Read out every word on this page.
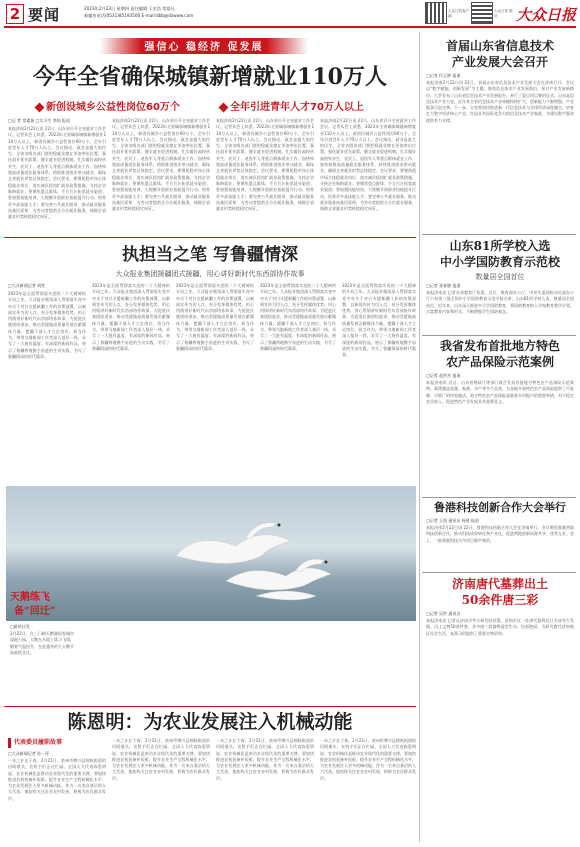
2 要闻	2023年2月23日 星期四 责任编辑 王宏浩 常晨凡
新编室电话(0531)85193500 E-mail:dbb@dzwww.com
大众日报客户端
大众日报 微信	大众日报
强信心 稳经济 促发展
今年全省确保城镇新增就业110万人
新创设城乡公益性岗位60万个	全年引进青年人才70万人以上
□记 者 常素娟 □实习生 李灿 报道
本报济南2月22日讯 22日，山东省召开全省就业工作会议。记者从会上获悉，2023年全省确保城镇新增就业110万人以上，新创设城乡公益性岗位60万个，全年引进青年人才70万人以上。会议指出，就业是最大的民生，全省各级各部门要把稳就业摆在更加突出位置，强化就业优先政策，健全就业促进机制，扎实做好高校毕业生、农民工、退役军人等重点群体就业工作，加快构建高质量就业服务体系，持续推进创业带动就业，确保全省就业形势总体稳定。会议要求，要聚焦稳市场主体稳就业岗位，落实减负稳岗扩就业政策措施，支持企业吸纳就业；要聚焦重点群体，千方百计拓宽就业渠道；要加强技能培训，大规模开展职业技能提升行动，培养更多高技能人才；要完善公共就业服务，推动就业服务向基层延伸，为劳动者提供全方位就业服务，保障全省就业形势持续稳定向好。
本报济南2月22日讯 22日，山东省召开全省就业工作会议。记者从会上获悉，2023年全省确保城镇新增就业110万人以上，新创设城乡公益性岗位60万个，全年引进青年人才70万人以上。会议指出，就业是最大的民生，全省各级各部门要把稳就业摆在更加突出位置，强化就业优先政策，健全就业促进机制，扎实做好高校毕业生、农民工、退役军人等重点群体就业工作，加快构建高质量就业服务体系，持续推进创业带动就业，确保全省就业形势总体稳定。会议要求，要聚焦稳市场主体稳就业岗位，落实减负稳岗扩就业政策措施，支持企业吸纳就业；要聚焦重点群体，千方百计拓宽就业渠道；要加强技能培训，大规模开展职业技能提升行动，培养更多高技能人才；要完善公共就业服务，推动就业服务向基层延伸，为劳动者提供全方位就业服务，保障全省就业形势持续稳定向好。
本报济南2月22日讯 22日，山东省召开全省就业工作会议。记者从会上获悉，2023年全省确保城镇新增就业110万人以上，新创设城乡公益性岗位60万个，全年引进青年人才70万人以上。会议指出，就业是最大的民生，全省各级各部门要把稳就业摆在更加突出位置，强化就业优先政策，健全就业促进机制，扎实做好高校毕业生、农民工、退役军人等重点群体就业工作，加快构建高质量就业服务体系，持续推进创业带动就业，确保全省就业形势总体稳定。会议要求，要聚焦稳市场主体稳就业岗位，落实减负稳岗扩就业政策措施，支持企业吸纳就业；要聚焦重点群体，千方百计拓宽就业渠道；要加强技能培训，大规模开展职业技能提升行动，培养更多高技能人才；要完善公共就业服务，推动就业服务向基层延伸，为劳动者提供全方位就业服务，保障全省就业形势持续稳定向好。
本报济南2月22日讯 22日，山东省召开全省就业工作会议。记者从会上获悉，2023年全省确保城镇新增就业110万人以上，新创设城乡公益性岗位60万个，全年引进青年人才70万人以上。会议指出，就业是最大的民生，全省各级各部门要把稳就业摆在更加突出位置，强化就业优先政策，健全就业促进机制，扎实做好高校毕业生、农民工、退役军人等重点群体就业工作，加快构建高质量就业服务体系，持续推进创业带动就业，确保全省就业形势总体稳定。会议要求，要聚焦稳市场主体稳就业岗位，落实减负稳岗扩就业政策措施，支持企业吸纳就业；要聚焦重点群体，千方百计拓宽就业渠道；要加强技能培训，大规模开展职业技能提升行动，培养更多高技能人才；要完善公共就业服务，推动就业服务向基层延伸，为劳动者提供全方位就业服务，保障全省就业形势持续稳定向好。
首届山东省信息技术
产业发展大会召开
□记者 付玉婷 报道
本报济南2月22日讯 22日，首届山东省信息技术产业发展大会在济南召开。会议以“数字赋能、创新发展”为主题，聚焦信息技术产业发展前沿，探讨产业发展新路径。大会发布了山东省信息技术产业发展报告，举行了重点项目签约仪式。山东是信息技术产业大省，近年来全省信息技术产业规模持续扩大，创新能力不断增强，产业链条日趋完善。下一步，全省将加快推进新一代信息技术与实体经济深度融合，培育壮大数字经济核心产业，打造具有国际竞争力的信息技术产业集群，为建设数字强省提供有力支撑。
山东81所学校入选
中小学国防教育示范校
数量居全国首位
□记者 张春晓 报道
本报济南讯 记者从省教育厅获悉，近日，教育部办公厅、中央军委国防动员部办公厅公布第三批全国中小学国防教育示范学校名单，山东81所学校入选，数量居全国首位。近年来，山东深入推进中小学国防教育，将国防教育纳入学校教育教学计划，丰富教育内容和形式，不断增强学生国防观念。
我省发布首批地方特色
农产品保险示范案例
□记者 赵洪杰 报道
本报济南讯 近日，山东省财政厅等部门联合发布首批地方特色农产品保险示范案例。案例涵盖果蔬、畜禽、水产等多个品类，为各地开展特色农产品保险提供了可复制、可推广的经验做法。地方特色农产品保险是服务乡村振兴的重要举措，对于稳定农民收入、促进特色产业发展具有重要意义。
鲁港科技创新合作大会举行
□记者 王凯 通讯员 杨建 报道
本报济南2月22日讯 22日，鲁港科技创新合作大会在济南举行。会议聚焦鲁港两地科技创新合作，推动科技成果转化和产业化，促进两地创新资源共享、优势互补。会上，一批鲁港科技合作项目集中签约。
济南唐代墓葬出土
50余件唐三彩
□记者 吴洪 通讯员
本报济南讯 记者从济南市考古研究院获悉，济南市区一处唐代墓葬近日完成考古发掘，出土文物50余件套，其中唐三彩器物造型生动、色彩艳丽，为研究唐代济南地区社会生活、丧葬习俗提供了重要实物资料。
执担当之笔 写鲁疆情深
大众报业集团援疆团式援疆，用心讲好新时代东西部协作故事
□大众新闻记者 胡奕
2023年是全面贯彻落实党的二十大精神的开局之年。大众报业集团深入贯彻落实党中央关于对口支援新疆工作的决策部署，以新闻宣传为切入点，充分发挥媒体优势，用心用情讲好新时代东西部协作故事，为促进民族团结进步、推动受援地高质量发展贡献媒体力量。援疆干部人才立足岗位、担当作为，带领当地新闻工作者深入基层一线，采写了一大批有温度、有深度的新闻作品，展示了鲁疆两地携手奋进的生动实践，书写了鲁疆情深的时代篇章。
2023年是全面贯彻落实党的二十大精神的开局之年。大众报业集团深入贯彻落实党中央关于对口支援新疆工作的决策部署，以新闻宣传为切入点，充分发挥媒体优势，用心用情讲好新时代东西部协作故事，为促进民族团结进步、推动受援地高质量发展贡献媒体力量。援疆干部人才立足岗位、担当作为，带领当地新闻工作者深入基层一线，采写了一大批有温度、有深度的新闻作品，展示了鲁疆两地携手奋进的生动实践，书写了鲁疆情深的时代篇章。
2023年是全面贯彻落实党的二十大精神的开局之年。大众报业集团深入贯彻落实党中央关于对口支援新疆工作的决策部署，以新闻宣传为切入点，充分发挥媒体优势，用心用情讲好新时代东西部协作故事，为促进民族团结进步、推动受援地高质量发展贡献媒体力量。援疆干部人才立足岗位、担当作为，带领当地新闻工作者深入基层一线，采写了一大批有温度、有深度的新闻作品，展示了鲁疆两地携手奋进的生动实践，书写了鲁疆情深的时代篇章。
2023年是全面贯彻落实党的二十大精神的开局之年。大众报业集团深入贯彻落实党中央关于对口支援新疆工作的决策部署，以新闻宣传为切入点，充分发挥媒体优势，用心用情讲好新时代东西部协作故事，为促进民族团结进步、推动受援地高质量发展贡献媒体力量。援疆干部人才立足岗位、担当作为，带领当地新闻工作者深入基层一线，采写了一大批有温度、有深度的新闻作品，展示了鲁疆两地携手奋进的生动实践，书写了鲁疆情深的时代篇章。
2023年是全面贯彻落实党的二十大精神的开局之年。大众报业集团深入贯彻落实党中央关于对口支援新疆工作的决策部署，以新闻宣传为切入点，充分发挥媒体优势，用心用情讲好新时代东西部协作故事，为促进民族团结进步、推动受援地高质量发展贡献媒体力量。援疆干部人才立足岗位、担当作为，带领当地新闻工作者深入基层一线，采写了一大批有温度、有深度的新闻作品，展示了鲁疆两地携手奋进的生动实践，书写了鲁疆情深的时代篇章。
天鹅练飞
备“回迁”
□新华社发
2月22日，在三门峡天鹅湖国家城市湿地公园，天鹅在水面上练习飞翔。随着气温回升，在此越冬的大天鹅开始陆续北迁。
陈恩明：为农业发展注入机械动能
代表委员履职故事
□大众新闻记者 孙一萍
一年之计在于春。2月21日，滨州市博兴县锦秋街道的田间地头，农机手们正在忙碌。全国人大代表陈恩明说，农业机械化是推动农业现代化的重要支撑，要加快推进农机装备补短板，提升农业生产全程机械化水平，为农业发展注入更多机械动能。作为一名来自基层的人大代表，他始终关注农业农村发展，积极为农民群众发声。
一年之计在于春。2月21日，滨州市博兴县锦秋街道的田间地头，农机手们正在忙碌。全国人大代表陈恩明说，农业机械化是推动农业现代化的重要支撑，要加快推进农机装备补短板，提升农业生产全程机械化水平，为农业发展注入更多机械动能。作为一名来自基层的人大代表，他始终关注农业农村发展，积极为农民群众发声。
一年之计在于春。2月21日，滨州市博兴县锦秋街道的田间地头，农机手们正在忙碌。全国人大代表陈恩明说，农业机械化是推动农业现代化的重要支撑，要加快推进农机装备补短板，提升农业生产全程机械化水平，为农业发展注入更多机械动能。作为一名来自基层的人大代表，他始终关注农业农村发展，积极为农民群众发声。
一年之计在于春。2月21日，滨州市博兴县锦秋街道的田间地头，农机手们正在忙碌。全国人大代表陈恩明说，农业机械化是推动农业现代化的重要支撑，要加快推进农机装备补短板，提升农业生产全程机械化水平，为农业发展注入更多机械动能。作为一名来自基层的人大代表，他始终关注农业农村发展，积极为农民群众发声。
